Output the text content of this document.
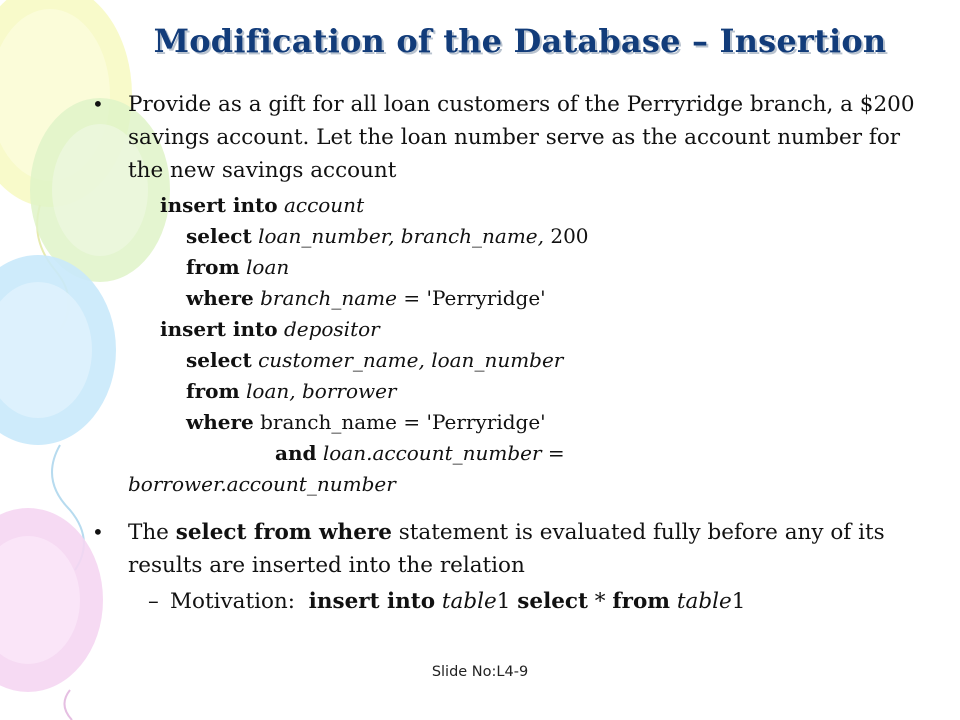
Modification of the Database – Insertion
• Provide as a gift for all loan customers of the Perryridge branch, a $200 savings account. Let the loan number serve as the account number for the new savings account
insert into account
select loan_number, branch_name, 200
from loan
where branch_name = 'Perryridge'
insert into depositor
select customer_name, loan_number
from loan, borrower
where branch_name = 'Perryridge'
and loan.account_number =
borrower.account_number
• The select from where statement is evaluated fully before any of its results are inserted into the relation
– Motivation: insert into table1 select * from table1
Slide No:L4-9
